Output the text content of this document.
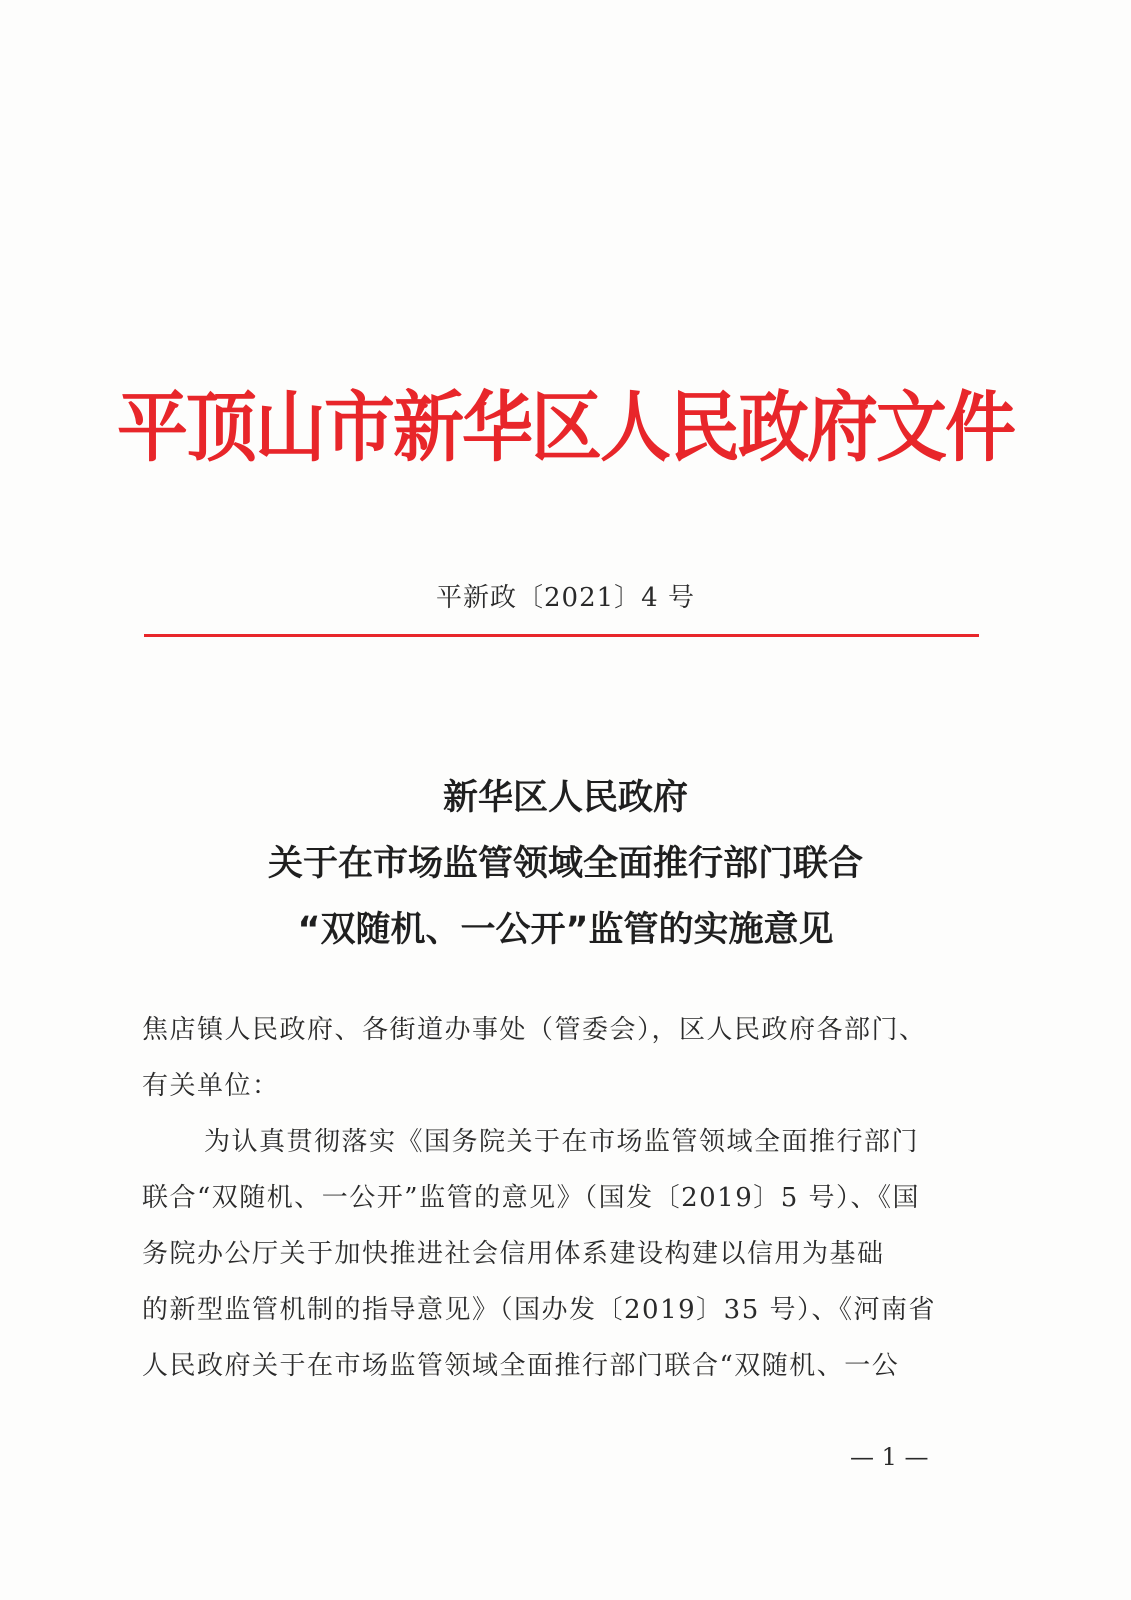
平顶山市新华区人民政府文件
平新政〔2021〕4 号
新华区人民政府
关于在市场监管领域全面推行部门联合
“双随机、一公开”监管的实施意见
焦店镇人民政府、各街道办事处（管委会），区人民政府各部门、
有关单位：
为认真贯彻落实《国务院关于在市场监管领域全面推行部门
联合“双随机、一公开”监管的意见》（国发〔2019〕5 号）、《国
务院办公厅关于加快推进社会信用体系建设构建以信用为基础
的新型监管机制的指导意见》（国办发〔2019〕35 号）、《河南省
人民政府关于在市场监管领域全面推行部门联合“双随机、一公
— 1 —
